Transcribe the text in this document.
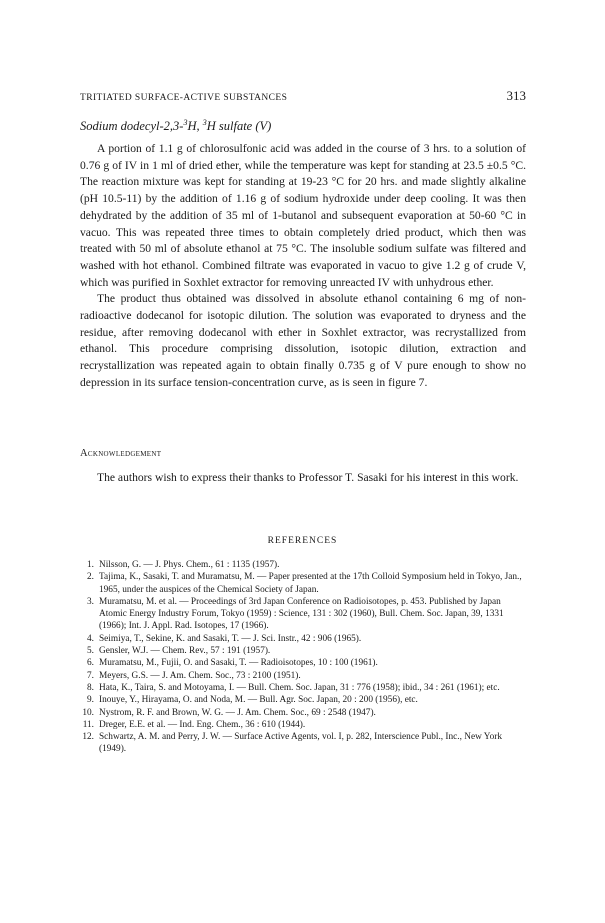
TRITIATED SURFACE-ACTIVE SUBSTANCES	313
Sodium dodecyl-2,3-$^3$H, $^3$H sulfate (V)

A portion of 1.1 g of chlorosulfonic acid was added in the course of 3 hrs. to a solution of 0.76 g of IV in 1 ml of dried ether, while the temperature was kept for standing at 23.5 ±0.5 °C. The reaction mixture was kept for standing at 19-23 °C for 20 hrs. and made slightly alkaline (pH 10.5-11) by the addition of 1.16 g of sodium hydroxide under deep cooling. It was then dehydrated by the addition of 35 ml of 1-butanol and subsequent evaporation at 50-60 °C in vacuo. This was repeated three times to obtain completely dried product, which then was treated with 50 ml of absolute ethanol at 75 °C. The insoluble sodium sulfate was filtered and washed with hot ethanol. Combined filtrate was evaporated in vacuo to give 1.2 g of crude V, which was purified in Soxhlet extractor for removing unreacted IV with unhydrous ether.

The product thus obtained was dissolved in absolute ethanol containing 6 mg of non-radioactive dodecanol for isotopic dilution. The solution was evaporated to dryness and the residue, after removing dodecanol with ether in Soxhlet extractor, was recrystallized from ethanol. This procedure comprising dissolution, isotopic dilution, extraction and recrystallization was repeated again to obtain finally 0.735 g of V pure enough to show no depression in its surface tension-concentration curve, as is seen in figure 7.

Acknowledgement

The authors wish to express their thanks to Professor T. Sasaki for his interest in this work.

REFERENCES
1. Nilsson, G. — J. Phys. Chem., 61 : 1135 (1957).
2. Tajima, K., Sasaki, T. and Muramatsu, M. — Paper presented at the 17th Colloid Symposium held in Tokyo, Jan., 1965, under the auspices of the Chemical Society of Japan.
3. Muramatsu, M. et al. — Proceedings of 3rd Japan Conference on Radioisotopes, p. 453. Published by Japan Atomic Energy Industry Forum, Tokyo (1959) : Science, 131 : 302 (1960), Bull. Chem. Soc. Japan, 39, 1331 (1966); Int. J. Appl. Rad. Isotopes, 17 (1966).
4. Seimiya, T., Sekine, K. and Sasaki, T. — J. Sci. Instr., 42 : 906 (1965).
5. Gensler, W.J. — Chem. Rev., 57 : 191 (1957).
6. Muramatsu, M., Fujii, O. and Sasaki, T. — Radioisotopes, 10 : 100 (1961).
7. Meyers, G.S. — J. Am. Chem. Soc., 73 : 2100 (1951).
8. Hata, K., Taira, S. and Motoyama, I. — Bull. Chem. Soc. Japan, 31 : 776 (1958); ibid., 34 : 261 (1961); etc.
9. Inouye, Y., Hirayama, O. and Noda, M. — Bull. Agr. Soc. Japan, 20 : 200 (1956), etc.
10. Nystrom, R. F. and Brown, W. G. — J. Am. Chem. Soc., 69 : 2548 (1947).
11. Dreger, E.E. et al. — Ind. Eng. Chem., 36 : 610 (1944).
12. Schwartz, A. M. and Perry, J. W. — Surface Active Agents, vol. I, p. 282, Interscience Publ., Inc., New York (1949).
